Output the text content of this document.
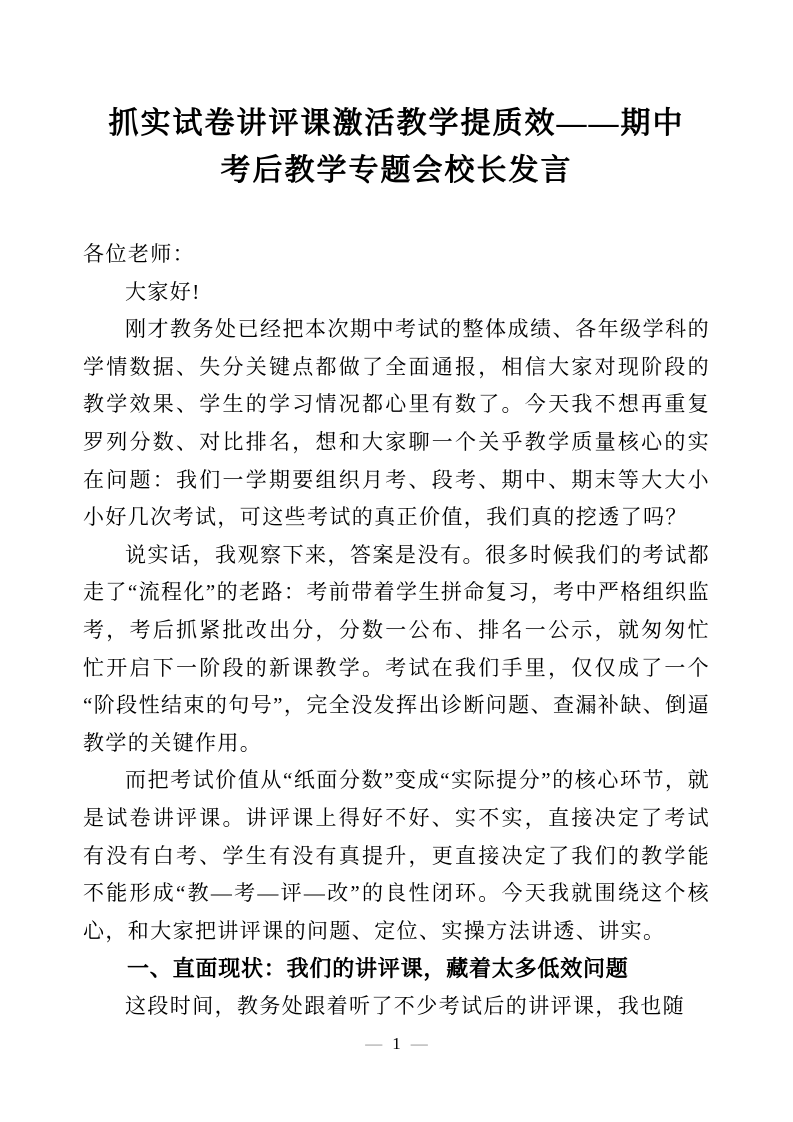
抓实试卷讲评课激活教学提质效——期中考后教学专题会校长发言

各位老师：

大家好!

刚才教务处已经把本次期中考试的整体成绩、各年级学科的学情数据、失分关键点都做了全面通报，相信大家对现阶段的教学效果、学生的学习情况都心里有数了。今天我不想再重复罗列分数、对比排名，想和大家聊一个关乎教学质量核心的实在问题：我们一学期要组织月考、段考、期中、期末等大大小小好几次考试，可这些考试的真正价值，我们真的挖透了吗？

说实话，我观察下来，答案是没有。很多时候我们的考试都走了“流程化”的老路：考前带着学生拼命复习，考中严格组织监考，考后抓紧批改出分，分数一公布、排名一公示，就匆匆忙忙开启下一阶段的新课教学。考试在我们手里，仅仅成了一个“阶段性结束的句号”，完全没发挥出诊断问题、查漏补缺、倒逼教学的关键作用。

而把考试价值从“纸面分数”变成“实际提分”的核心环节，就是试卷讲评课。讲评课上得好不好、实不实，直接决定了考试有没有白考、学生有没有真提升，更直接决定了我们的教学能不能形成“教—考—评—改”的良性闭环。今天我就围绕这个核心，和大家把讲评课的问题、定位、实操方法讲透、讲实。

一、直面现状：我们的讲评课，藏着太多低效问题

这段时间，教务处跟着听了不少考试后的讲评课，我也随

— 1 —
